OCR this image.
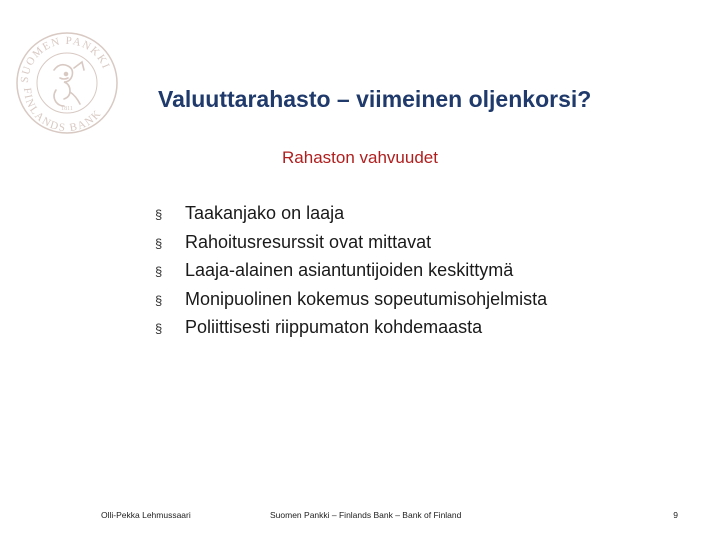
SUOMEN PANKKI
FINLANDS BANK
1811	Valuuttarahasto – viimeinen oljenkorsi?
Rahaston vahvuudet
§	Taakanjako on laaja
§	Rahoitusresurssit ovat mittavat
§	Laaja-alainen asiantuntijoiden keskittymä
§	Monipuolinen kokemus sopeutumisohjelmista
§	Poliittisesti riippumaton kohdemaasta
Olli-Pekka Lehmussaari	Suomen Pankki – Finlands Bank – Bank of Finland	9
